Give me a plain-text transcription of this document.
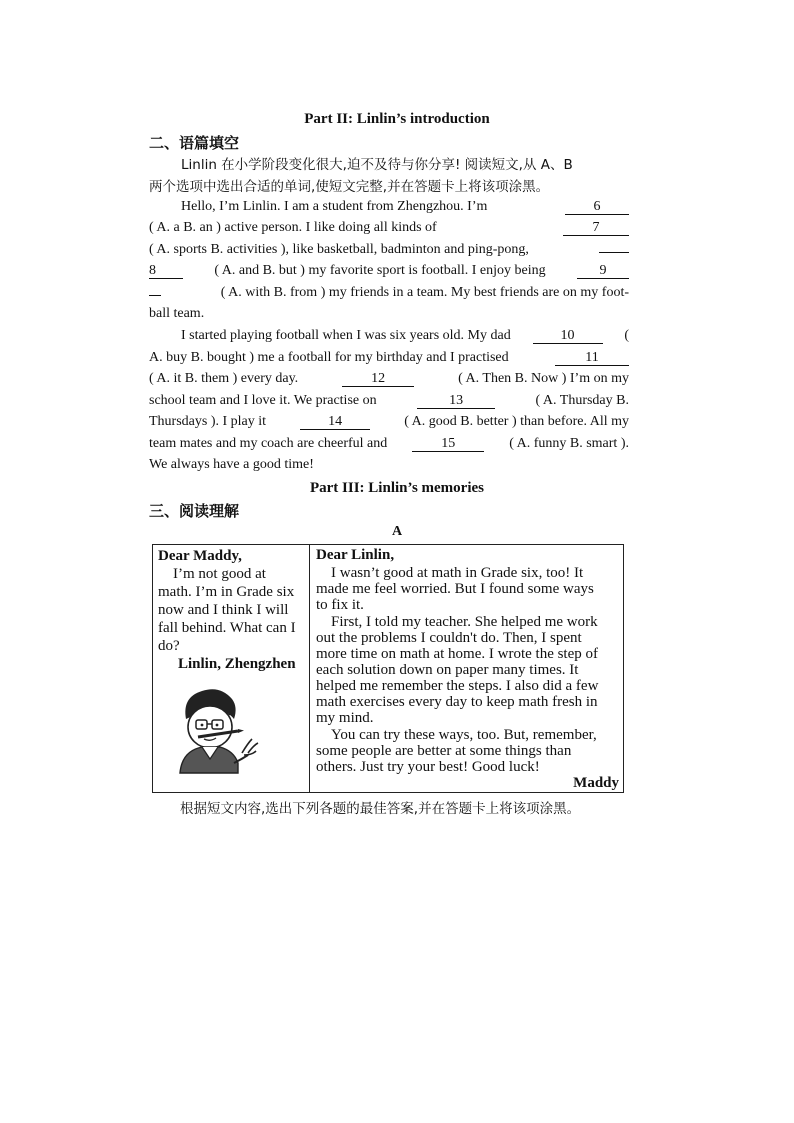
Part II: Linlin’s introduction
二、语篇填空
Linlin 在小学阶段变化很大,迫不及待与你分享! 阅读短文,从 A、B
两个选项中选出合适的单词,使短文完整,并在答题卡上将该项涂黑。
Hello, I’m Linlin. I am a student from Zhengzhou. I’m	6
( A. a B. an ) active person. I like doing all kinds of	7
( A. sports B. activities ), like basketball, badminton and ping-pong,
8	( A. and B. but ) my favorite sport is football. I enjoy being	9
( A. with B. from ) my friends in a team. My best friends are on my foot-
ball team.
I started playing football when I was six years old. My dad	10	(
A. buy B. bought ) me a football for my birthday and I practised	11
( A. it B. them ) every day.	12	( A. Then B. Now ) I’m on my
school team and I love it. We practise on	13	( A. Thursday B.
Thursdays ). I play it	14	( A. good B. better ) than before. All my
team mates and my coach are cheerful and	15	( A. funny B. smart ).
We always have a good time!
Part III: Linlin’s memories
三、阅读理解
A
Dear Maddy,
I’m not good at
math. I’m in Grade six
now and I think I will
fall behind. What can I
do?
Linlin, Zhengzhen
Dear Linlin,
I wasn’t good at math in Grade six, too! It
made me feel worried. But I found some ways
to fix it.
First, I told my teacher. She helped me work
out the problems I couldn't do. Then, I spent
more time on math at home. I wrote the step of
each solution down on paper many times. It
helped me remember the steps. I also did a few
math exercises every day to keep math fresh in
my mind.
You can try these ways, too. But, remember,
some people are better at some things than
others. Just try your best! Good luck!
Maddy
根据短文内容,选出下列各题的最佳答案,并在答题卡上将该项涂黑。
